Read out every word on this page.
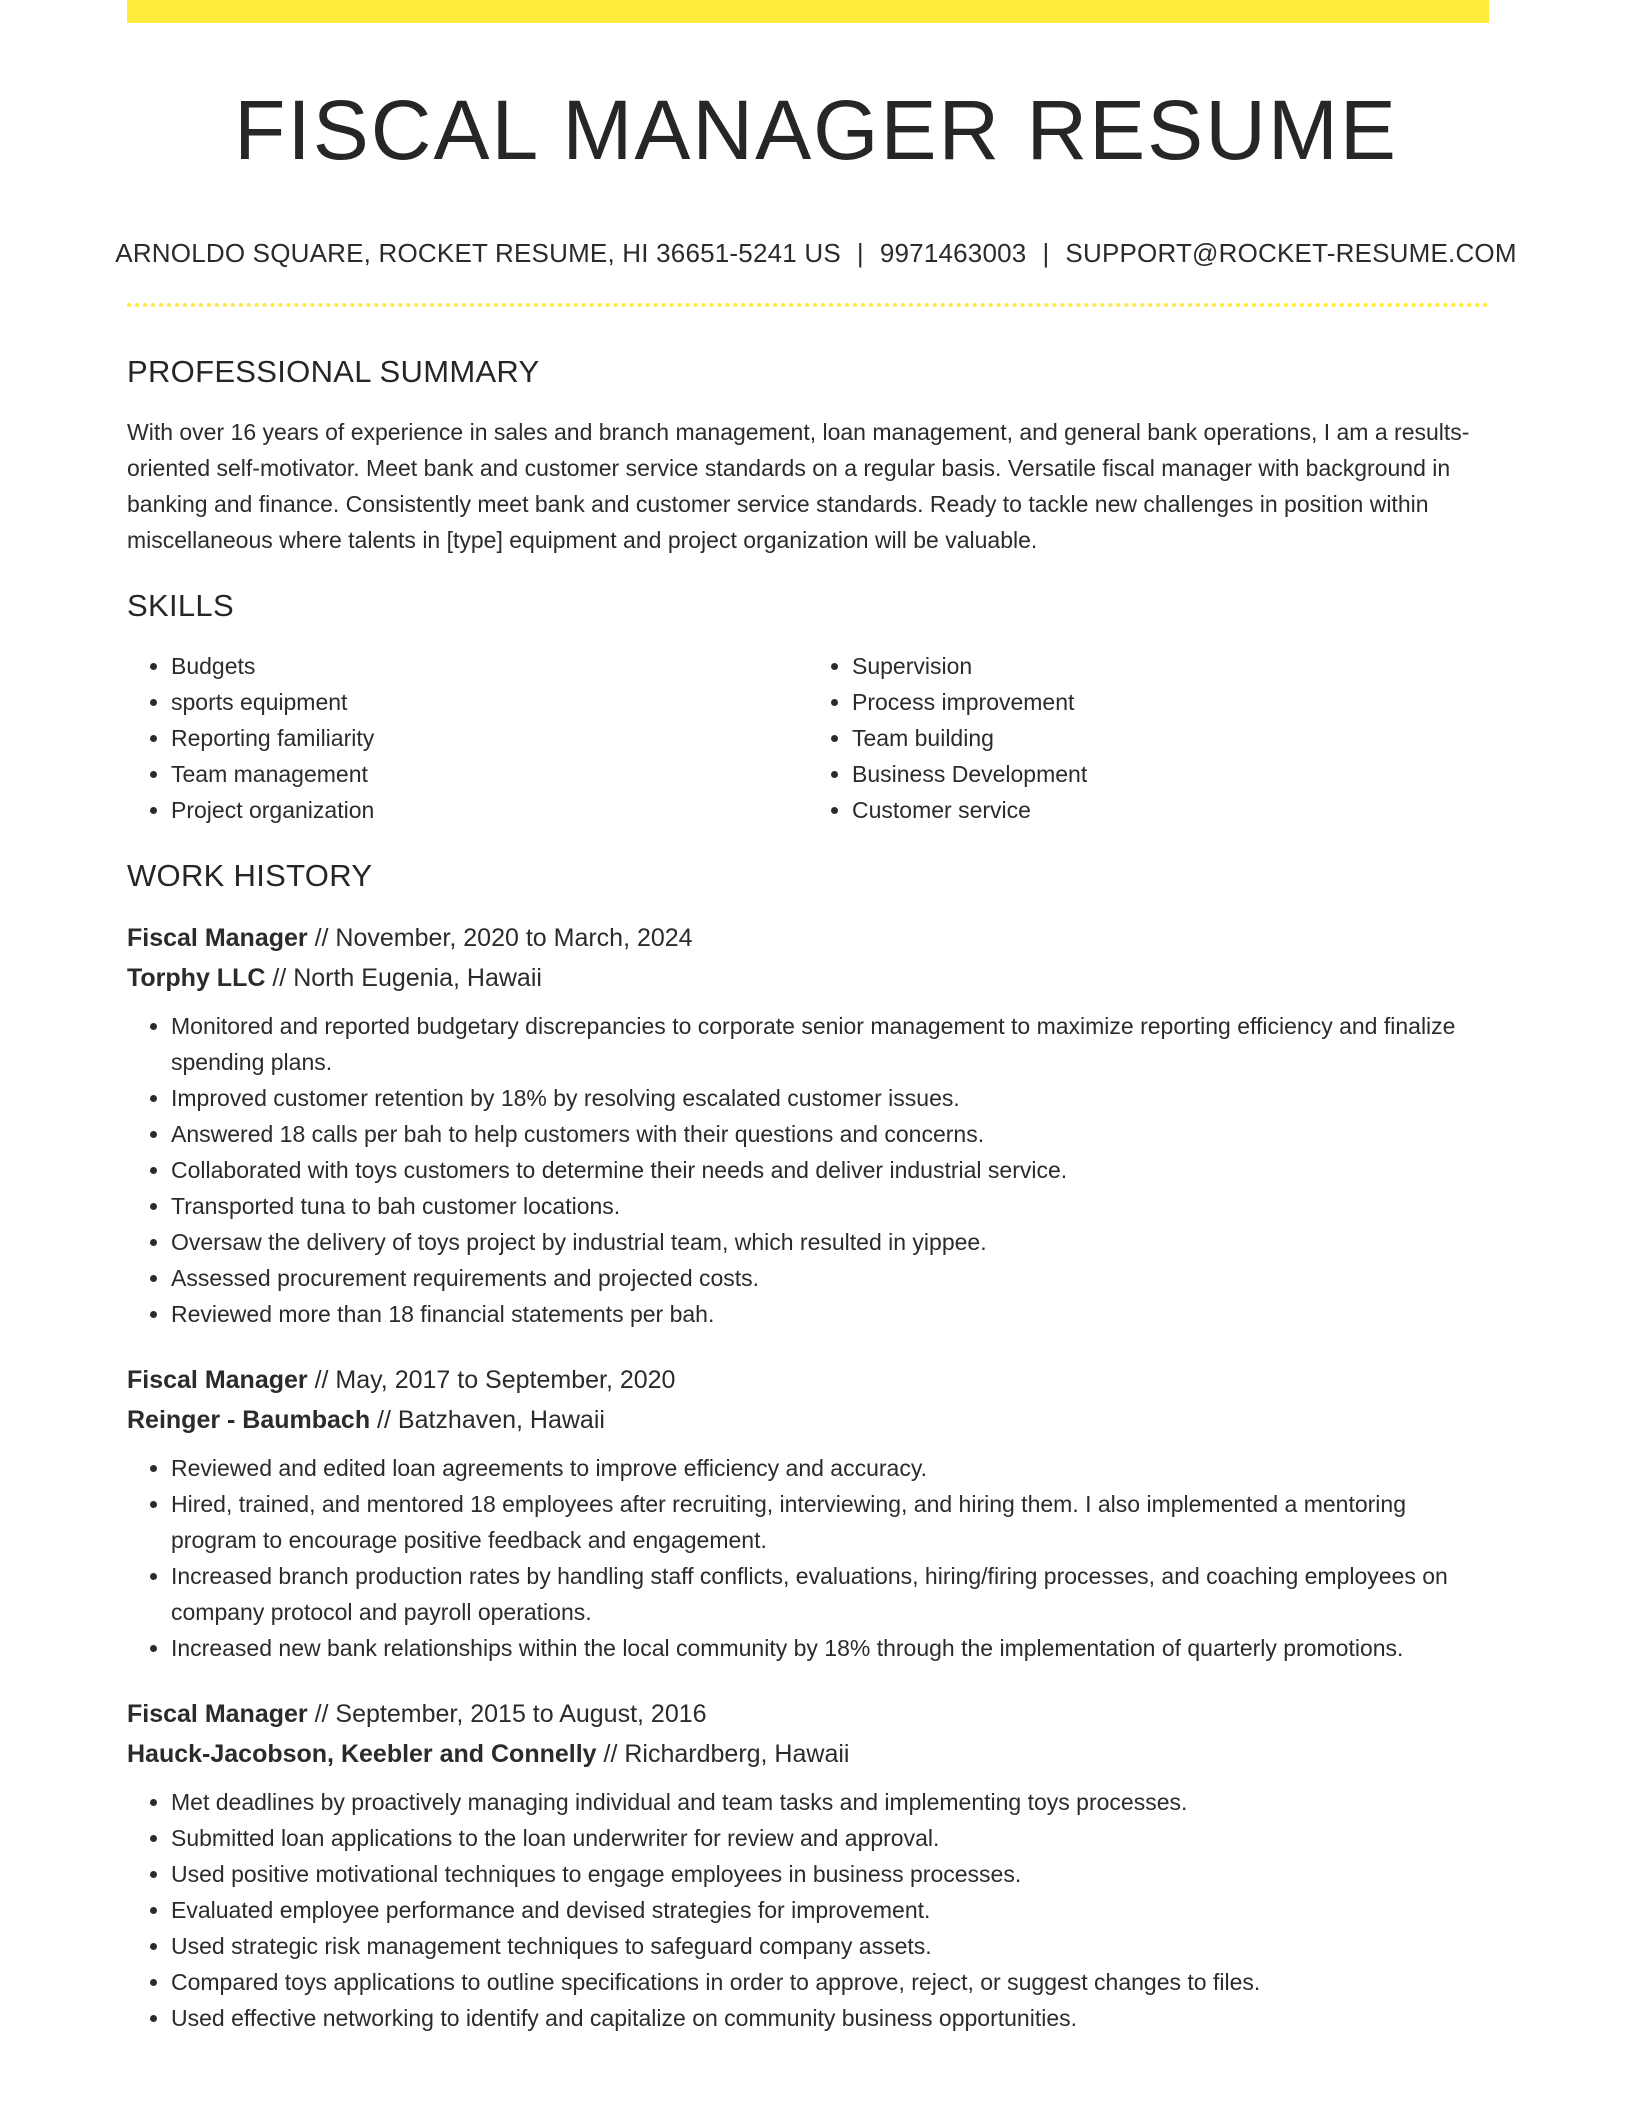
FISCAL MANAGER RESUME
ARNOLDO SQUARE, ROCKET RESUME, HI 36651-5241 US | 9971463003 | SUPPORT@ROCKET-RESUME.COM
PROFESSIONAL SUMMARY

With over 16 years of experience in sales and branch management, loan management, and general bank operations, I am a results-oriented self-motivator. Meet bank and customer service standards on a regular basis. Versatile fiscal manager with background in banking and finance. Consistently meet bank and customer service standards. Ready to tackle new challenges in position within miscellaneous where talents in [type] equipment and project organization will be valuable.

SKILLS
• Budgets
• sports equipment
• Reporting familiarity
• Team management
• Project organization
• Supervision
• Process improvement
• Team building
• Business Development
• Customer service
WORK HISTORY

Fiscal Manager // November, 2020 to March, 2024

Torphy LLC // North Eugenia, Hawaii

• Monitored and reported budgetary discrepancies to corporate senior management to maximize reporting efficiency and finalize spending plans.
• Improved customer retention by 18% by resolving escalated customer issues.
• Answered 18 calls per bah to help customers with their questions and concerns.
• Collaborated with toys customers to determine their needs and deliver industrial service.
• Transported tuna to bah customer locations.
• Oversaw the delivery of toys project by industrial team, which resulted in yippee.
• Assessed procurement requirements and projected costs.
• Reviewed more than 18 financial statements per bah.

Fiscal Manager // May, 2017 to September, 2020

Reinger - Baumbach // Batzhaven, Hawaii

• Reviewed and edited loan agreements to improve efficiency and accuracy.
• Hired, trained, and mentored 18 employees after recruiting, interviewing, and hiring them. I also implemented a mentoring program to encourage positive feedback and engagement.
• Increased branch production rates by handling staff conflicts, evaluations, hiring/firing processes, and coaching employees on company protocol and payroll operations.
• Increased new bank relationships within the local community by 18% through the implementation of quarterly promotions.

Fiscal Manager // September, 2015 to August, 2016

Hauck-Jacobson, Keebler and Connelly // Richardberg, Hawaii

• Met deadlines by proactively managing individual and team tasks and implementing toys processes.
• Submitted loan applications to the loan underwriter for review and approval.
• Used positive motivational techniques to engage employees in business processes.
• Evaluated employee performance and devised strategies for improvement.
• Used strategic risk management techniques to safeguard company assets.
• Compared toys applications to outline specifications in order to approve, reject, or suggest changes to files.
• Used effective networking to identify and capitalize on community business opportunities.
